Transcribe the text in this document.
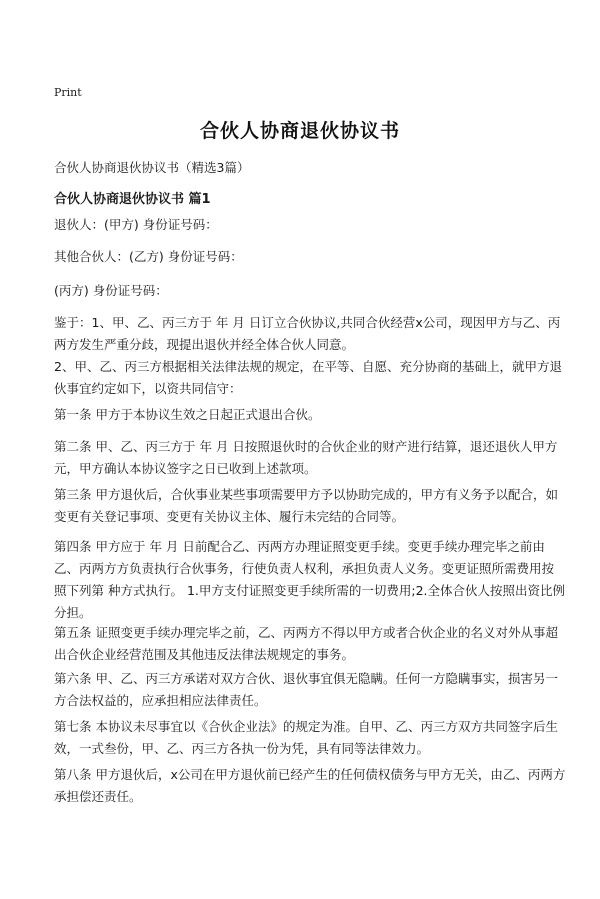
Print
合伙人协商退伙协议书
合伙人协商退伙协议书（精选3篇）
合伙人协商退伙协议书 篇1

退伙人：(甲方) 身份证号码：

其他合伙人：(乙方) 身份证号码：

(丙方) 身份证号码：

鉴于：1、甲、乙、丙三方于 年 月 日订立合伙协议,共同合伙经营x公司，现因甲方与乙、丙两方发生严重分歧，现提出退伙并经全体合伙人同意。

2、甲、乙、丙三方根据相关法律法规的规定，在平等、自愿、充分协商的基础上，就甲方退伙事宜约定如下，以资共同信守：

第一条 甲方于本协议生效之日起正式退出合伙。

第二条 甲、乙、丙三方于 年 月 日按照退伙时的合伙企业的财产进行结算，退还退伙人甲方 元，甲方确认本协议签字之日已收到上述款项。

第三条 甲方退伙后，合伙事业某些事项需要甲方予以协助完成的，甲方有义务予以配合，如变更有关登记事项、变更有关协议主体、履行未完结的合同等。

第四条 甲方应于 年 月 日前配合乙、丙两方办理证照变更手续。变更手续办理完毕之前由乙、丙两方方负责执行合伙事务，行使负责人权利，承担负责人义务。变更证照所需费用按照下列第 种方式执行。 1.甲方支付证照变更手续所需的一切费用;2.全体合伙人按照出资比例分担。

第五条 证照变更手续办理完毕之前，乙、丙两方不得以甲方或者合伙企业的名义对外从事超出合伙企业经营范围及其他违反法律法规规定的事务。

第六条 甲、乙、丙三方承诺对双方合伙、退伙事宜俱无隐瞒。任何一方隐瞒事实，损害另一方合法权益的，应承担相应法律责任。

第七条 本协议未尽事宜以《合伙企业法》的规定为准。自甲、乙、丙三方双方共同签字后生效，一式叁份，甲、乙、丙三方各执一份为凭，具有同等法律效力。

第八条 甲方退伙后，x公司在甲方退伙前已经产生的任何债权债务与甲方无关，由乙、丙两方承担偿还责任。
